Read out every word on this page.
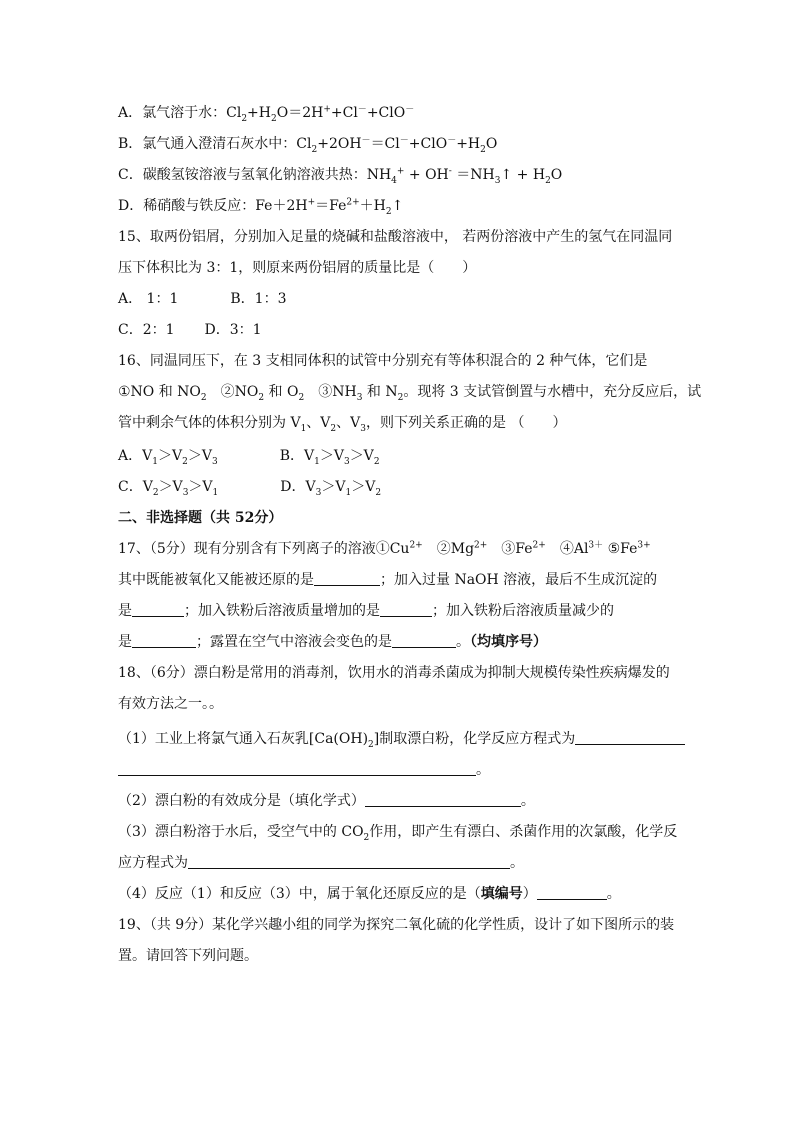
A．氯气溶于水：$Cl_2+H_2O=2H^++Cl^-+ClO^-$
B．氯气通入澄清石灰水中：$Cl_2+2OH^-=Cl^-+ClO^-+H_2O$
C．碳酸氢铵溶液与氢氧化钠溶液共热：$NH_4^+ + OH^-$ $=NH_3↑ + H_2O$
D．稀硝酸与铁反应：$Fe+2H^+=Fe^{2+}+H_2↑$
15、取两份铝屑，分别加入足量的烧碱和盐酸溶液中， 若两份溶液中产生的氢气在同温同
压下体积比为 3：1，则原来两份铝屑的质量比是（　　）
A． 1：1	B．1：3
C．2：1 D．3：1
16、同温同压下，在 3 支相同体积的试管中分别充有等体积混合的 2 种气体，它们是
①NO 和 $NO_2$　$②NO_2$ 和 $O_2$　$③NH_3$ 和 $N_2$。现将 3 支试管倒置与水槽中，充分反应后，试
管中剩余气体的体积分别为 $V_1$、$V_2$、$V_3$，则下列关系正确的是 （　　）
A．$V_1>V_2>V_3$	B．$V_1>V_3>V_2$
C．$V_2>V_3>V_1$	D．$V_3>V_1>V_2$
二、非选择题（共 52分）
17、（5分）现有分别含有下列离子的溶液$①Cu^{2+}$　$②Mg^{2+}$　$③Fe^{2+}$　$④Al^{3+}$ $⑤Fe^{3+}$
其中既能被氧化又能被还原的是	；加入过量 NaOH 溶液，最后不生成沉淀的
是	；加入铁粉后溶液质量增加的是	；加入铁粉后溶液质量减少的
是	；露置在空气中溶液会变色的是	。（均填序号）
18、（6分）漂白粉是常用的消毒剂，饮用水的消毒杀菌成为抑制大规模传染性疾病爆发的
有效方法之一。。
（1）工业上将氯气通入石灰乳$[Ca(OH)_2]$制取漂白粉，化学反应方程式为
。
（2）漂白粉的有效成分是（填化学式）	。
（3）漂白粉溶于水后，受空气中的 $CO_2$作用，即产生有漂白、杀菌作用的次氯酸，化学反
应方程式为	。
（4）反应（1）和反应（3）中，属于氧化还原反应的是（填编号）	。
19、（共 9分）某化学兴趣小组的同学为探究二氧化硫的化学性质，设计了如下图所示的装
置。请回答下列问题。
